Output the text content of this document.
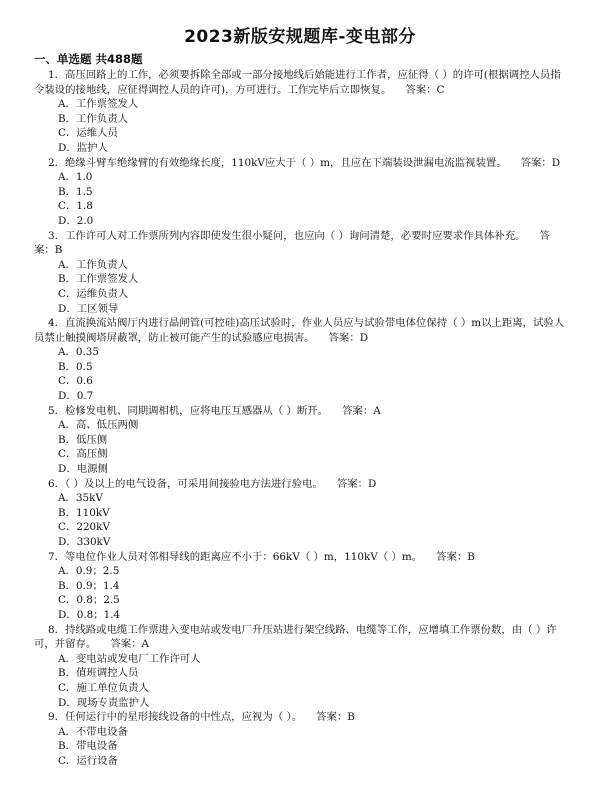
2023新版安规题库-变电部分
一、单选题 共488题
1．高压回路上的工作，必须要拆除全部或一部分接地线后始能进行工作者，应征得（ ）的许可(根据调控人员指令装设的接地线，应征得调控人员的许可)，方可进行。工作完毕后立即恢复。 答案：C
A．工作票签发人
B．工作负责人
C．运维人员
D．监护人
2．绝缘斗臂车绝缘臂的有效绝缘长度，110kV应大于（ ）m，且应在下端装设泄漏电流监视装置。 答案：D
A．1.0
B．1.5
C．1.8
D．2.0
3．工作许可人对工作票所列内容即使发生很小疑问，也应向（ ）询问清楚，必要时应要求作具体补充。 答案：B
A．工作负责人
B．工作票签发人
C．运维负责人
D．工区领导
4．直流换流站阀厅内进行晶闸管(可控硅)高压试验时，作业人员应与试验带电体位保持（ ）m以上距离，试验人员禁止触摸阀塔屏蔽罩，防止被可能产生的试验感应电损害。 答案：D
A．0.35
B．0.5
C．0.6
D．0.7
5．检修发电机、同期调相机，应将电压互感器从（ ）断开。 答案：A
A．高、低压两侧
B．低压侧
C．高压侧
D．电源侧
6．（ ）及以上的电气设备，可采用间接验电方法进行验电。 答案：D
A．35kV
B．110kV
C．220kV
D．330kV
7．等电位作业人员对邻相导线的距离应不小于：66kV（ ）m，110kV（ ）m。 答案：B
A．0.9；2.5
B．0.9；1.4
C．0.8；2.5
D．0.8；1.4
8．持线路或电缆工作票进入变电站或发电厂升压站进行架空线路、电缆等工作，应增填工作票份数，由（ ）许可，并留存。 答案：A
A．变电站或发电厂工作许可人
B．值班调控人员
C．施工单位负责人
D．现场专责监护人
9．任何运行中的星形接线设备的中性点，应视为（ ）。 答案：B
A．不带电设备
B．带电设备
C．运行设备
